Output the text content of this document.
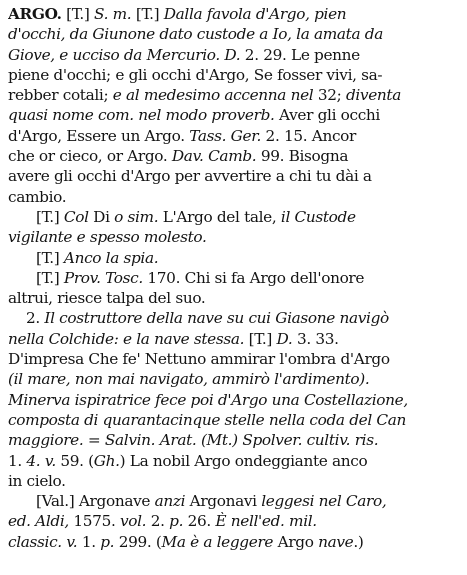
ARGO. [T.] S. m. [T.] Dalla favola d'Argo, pien
d'occhi, da Giunone dato custode a Io, la amata da
Giove, e ucciso da Mercurio. D. 2. 29. Le penne
piene d'occhi; e gli occhi d'Argo, Se fosser vivi, sa-
rebber cotali; e al medesimo accenna nel 32; diventa
quasi nome com. nel modo proverb. Aver gli occhi
d'Argo, Essere un Argo. Tass. Ger. 2. 15. Ancor
che or cieco, or Argo. Dav. Camb. 99. Bisogna
avere gli occhi d'Argo per avvertire a chi tu dài a
cambio.
[T.] Col Di o sim. L'Argo del tale, il Custode
vigilante e spesso molesto.
[T.] Anco la spia.
[T.] Prov. Tosc. 170. Chi si fa Argo dell'onore
altrui, riesce talpa del suo.
2. Il costruttore della nave su cui Giasone navigò
nella Colchide: e la nave stessa. [T.] D. 3. 33.
D'impresa Che fe' Nettuno ammirar l'ombra d'Argo
(il mare, non mai navigato, ammirò l'ardimento).
Minerva ispiratrice fece poi d'Argo una Costellazione,
composta di quarantacinque stelle nella coda del Can
maggiore. = Salvin. Arat. (Mt.) Spolver. cultiv. ris.
1. 4. v. 59. (Gh.) La nobil Argo ondeggiante anco
in cielo.
[Val.] Argonave anzi Argonavi leggesi nel Caro,
ed. Aldi, 1575. vol. 2. p. 26. È nell'ed. mil.
classic. v. 1. p. 299. (Ma è a leggere Argo nave.)
